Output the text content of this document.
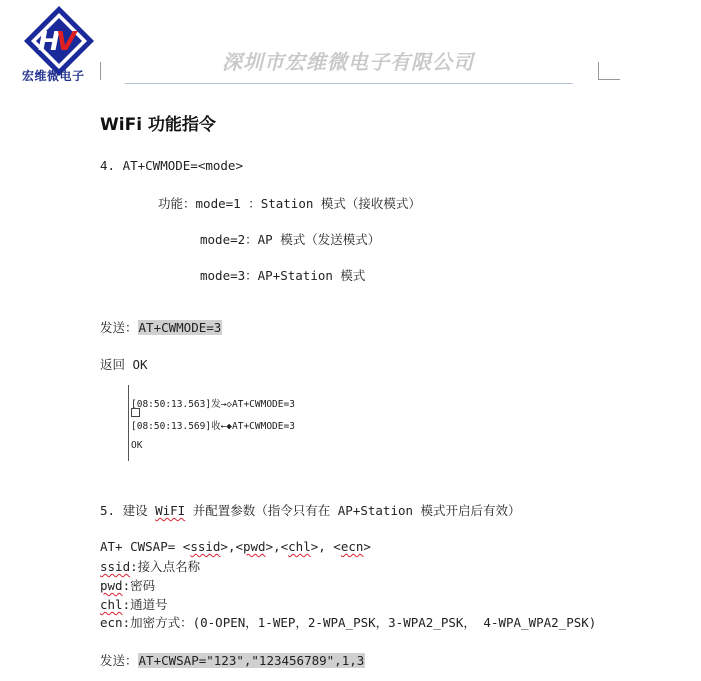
H
V
宏维微电子
深圳市宏维微电子有限公司
WiFi 功能指令
4. AT+CWMODE=<mode>
功能：mode=1 ：Station 模式（接收模式）
mode=2：AP 模式（发送模式）
mode=3：AP+Station 模式
发送：AT+CWMODE=3
返回 OK
[08:50:13.563]发→◇AT+CWMODE=3
[08:50:13.569]收←◆AT+CWMODE=3
OK
5. 建设 WiFI 并配置参数（指令只有在 AP+Station 模式开启后有效）
AT+ CWSAP= <ssid>,<pwd>,<chl>, <ecn>
ssid:接入点名称
pwd:密码
chl:通道号
ecn:加密方式：(0-OPEN，1-WEP，2-WPA_PSK，3-WPA2_PSK， 4-WPA_WPA2_PSK)
发送：AT+CWSAP="123","123456789",1,3
